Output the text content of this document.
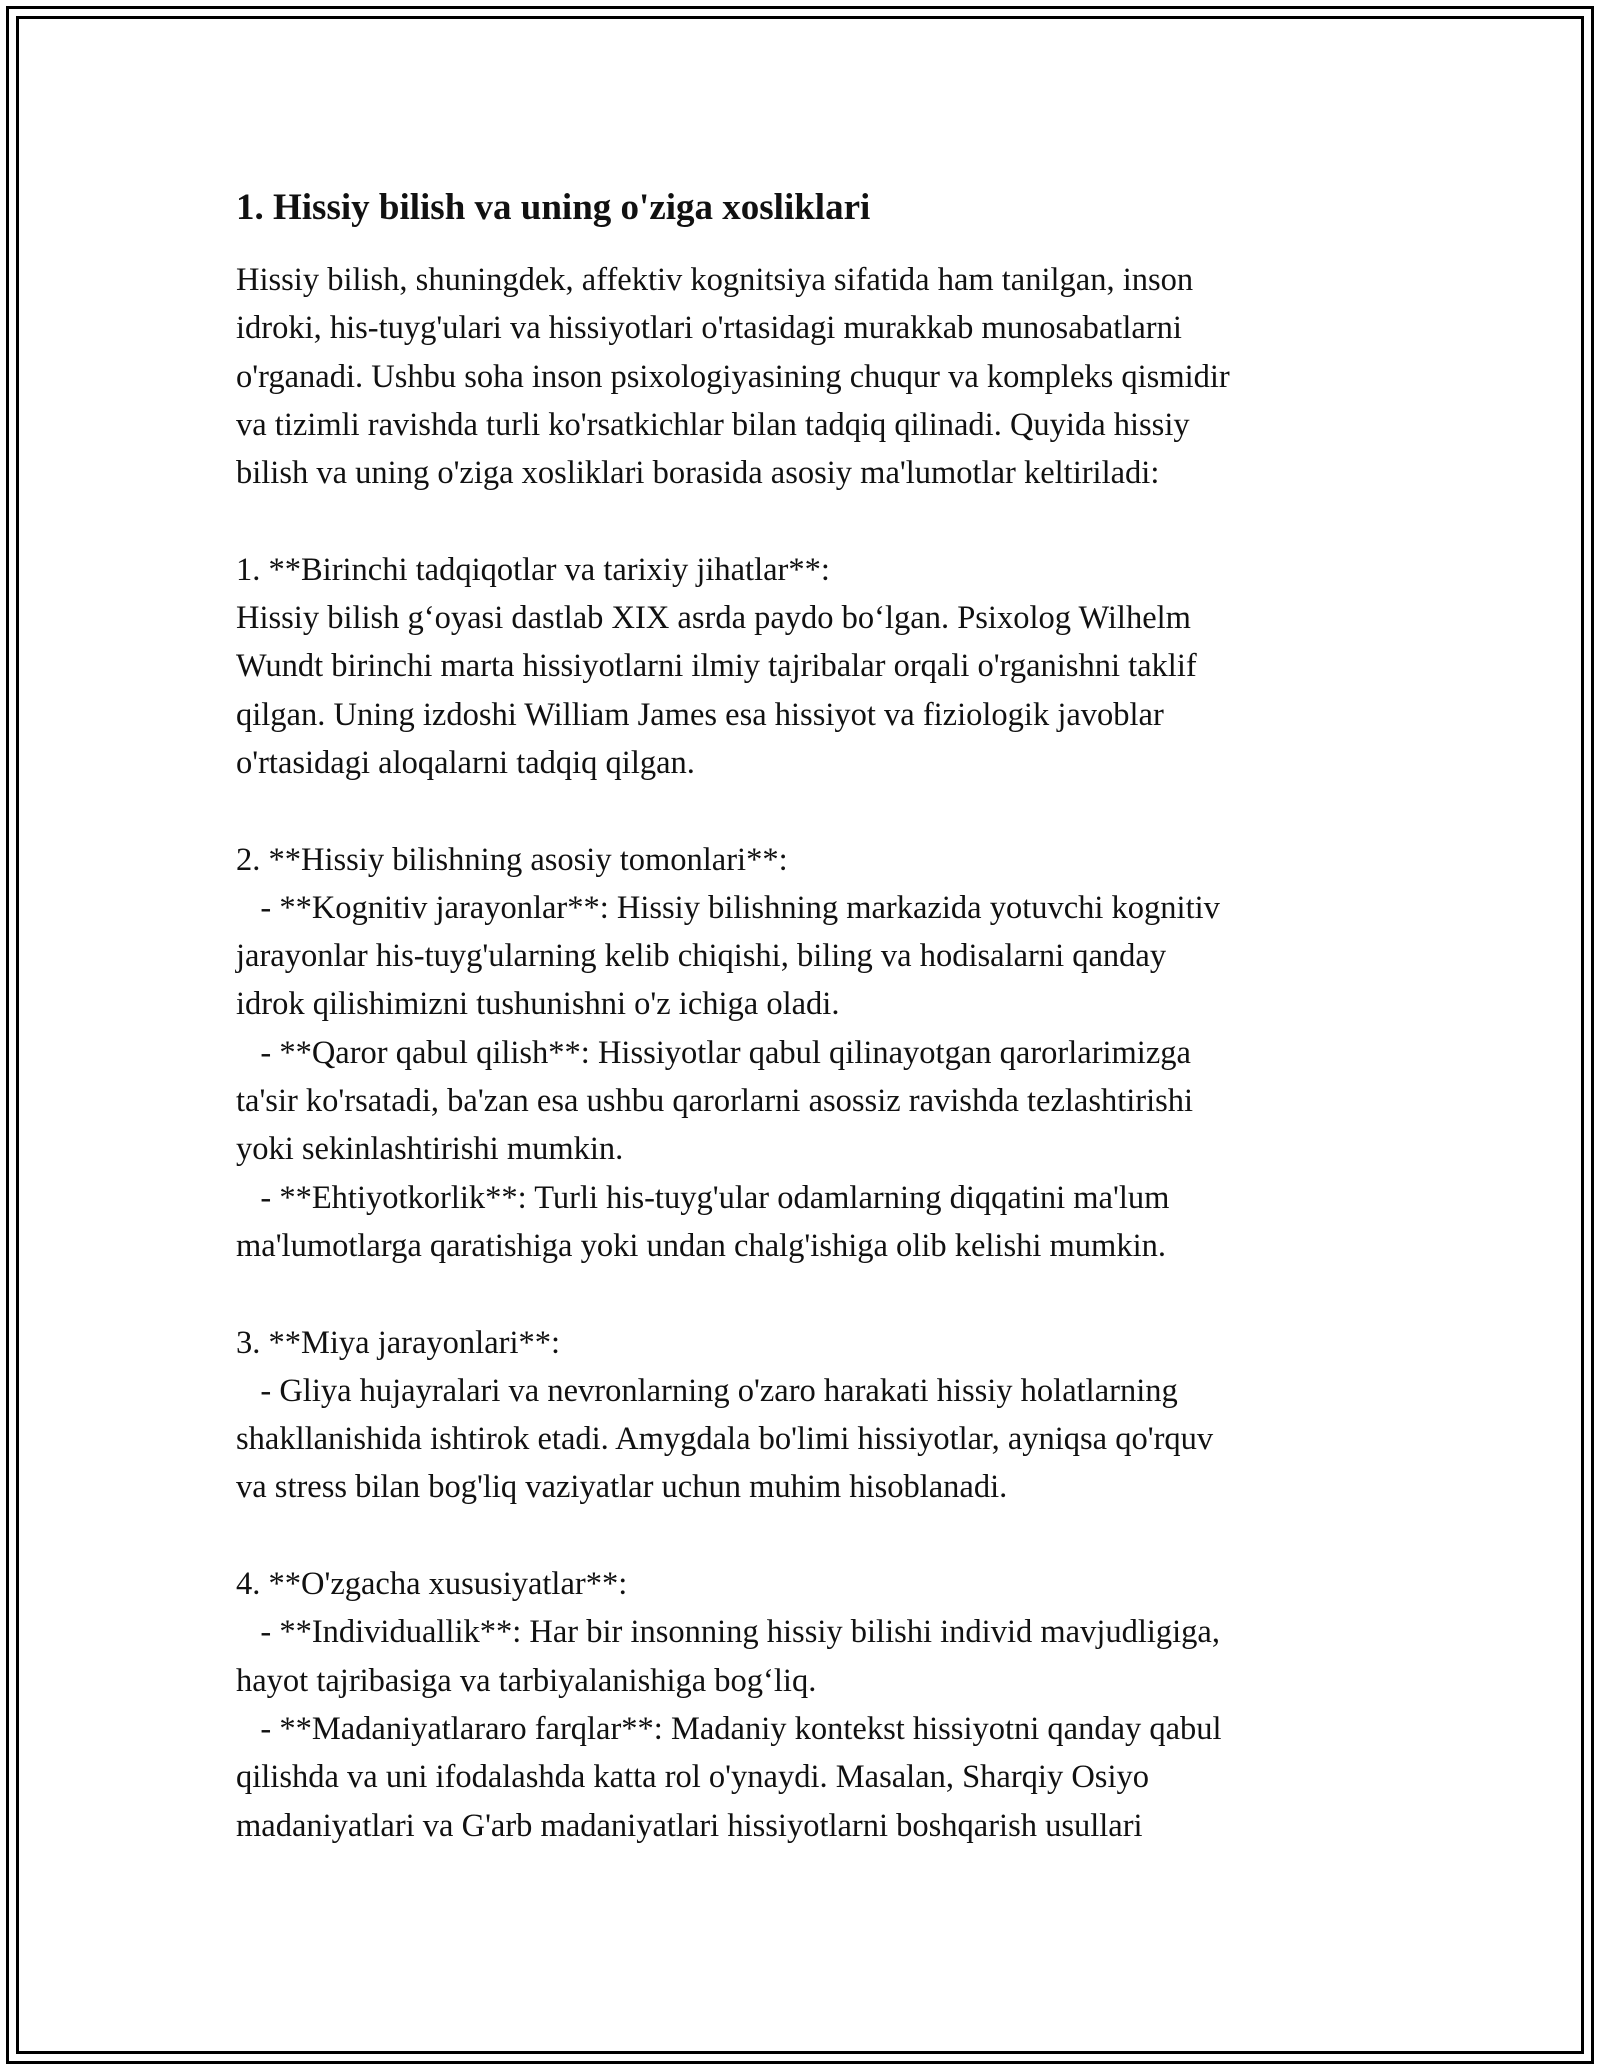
1. Hissiy bilish va uning o'ziga xosliklari

Hissiy bilish, shuningdek, affektiv kognitsiya sifatida ham tanilgan, inson

idroki, his-tuyg'ulari va hissiyotlari o'rtasidagi murakkab munosabatlarni

o'rganadi. Ushbu soha inson psixologiyasining chuqur va kompleks qismidir

va tizimli ravishda turli ko'rsatkichlar bilan tadqiq qilinadi. Quyida hissiy

bilish va uning o'ziga xosliklari borasida asosiy ma'lumotlar keltiriladi:

1. **Birinchi tadqiqotlar va tarixiy jihatlar**:

Hissiy bilish g‘oyasi dastlab XIX asrda paydo bo‘lgan. Psixolog Wilhelm

Wundt birinchi marta hissiyotlarni ilmiy tajribalar orqali o'rganishni taklif

qilgan. Uning izdoshi William James esa hissiyot va fiziologik javoblar

o'rtasidagi aloqalarni tadqiq qilgan.

2. **Hissiy bilishning asosiy tomonlari**:

- **Kognitiv jarayonlar**: Hissiy bilishning markazida yotuvchi kognitiv

jarayonlar his-tuyg'ularning kelib chiqishi, biling va hodisalarni qanday

idrok qilishimizni tushunishni o'z ichiga oladi.

- **Qaror qabul qilish**: Hissiyotlar qabul qilinayotgan qarorlarimizga

ta'sir ko'rsatadi, ba'zan esa ushbu qarorlarni asossiz ravishda tezlashtirishi

yoki sekinlashtirishi mumkin.

- **Ehtiyotkorlik**: Turli his-tuyg'ular odamlarning diqqatini ma'lum

ma'lumotlarga qaratishiga yoki undan chalg'ishiga olib kelishi mumkin.

3. **Miya jarayonlari**:

- Gliya hujayralari va nevronlarning o'zaro harakati hissiy holatlarning

shakllanishida ishtirok etadi. Amygdala bo'limi hissiyotlar, ayniqsa qo'rquv

va stress bilan bog'liq vaziyatlar uchun muhim hisoblanadi.

4. **O'zgacha xususiyatlar**:

- **Individuallik**: Har bir insonning hissiy bilishi individ mavjudligiga,

hayot tajribasiga va tarbiyalanishiga bog‘liq.

- **Madaniyatlararo farqlar**: Madaniy kontekst hissiyotni qanday qabul

qilishda va uni ifodalashda katta rol o'ynaydi. Masalan, Sharqiy Osiyo

madaniyatlari va G'arb madaniyatlari hissiyotlarni boshqarish usullari
